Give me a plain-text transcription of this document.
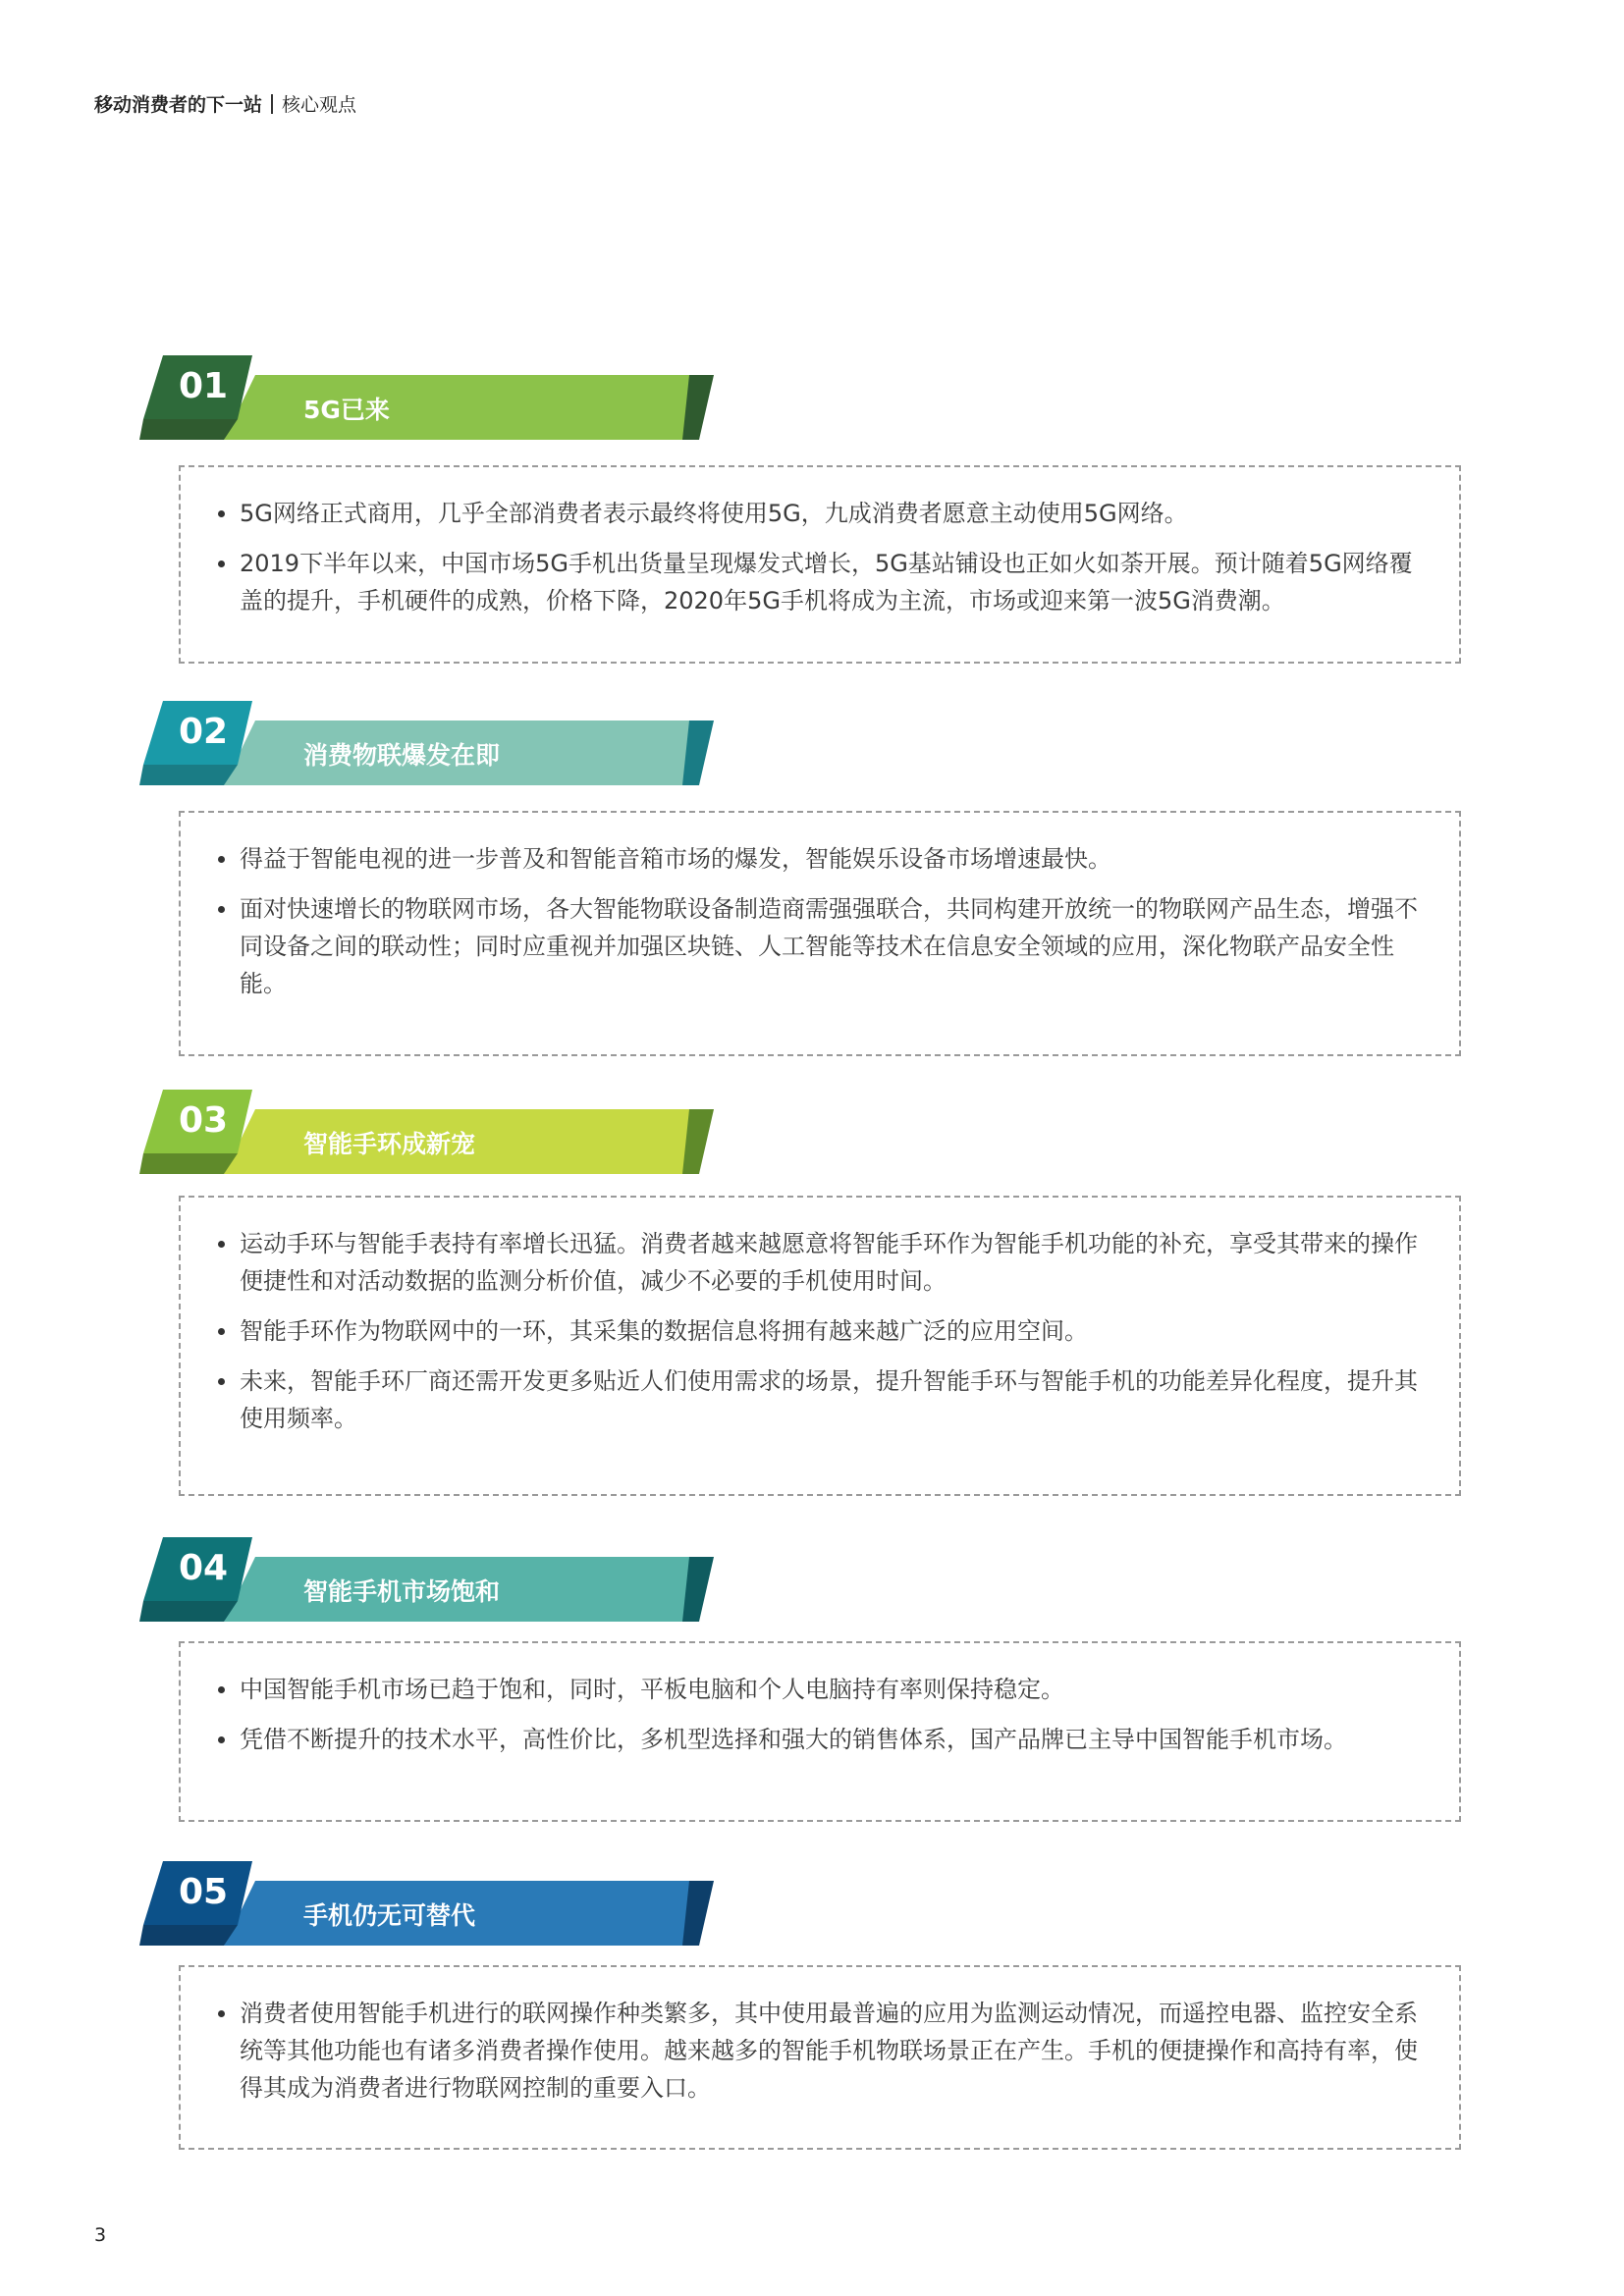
移动消费者的下一站 核心观点
01
5G已来
5G网络正式商用，几乎全部消费者表示最终将使用5G，九成消费者愿意主动使用5G网络。
2019下半年以来，中国市场5G手机出货量呈现爆发式增长，5G基站铺设也正如火如荼开展。预计随着5G网络覆盖的提升，手机硬件的成熟，价格下降，2020年5G手机将成为主流，市场或迎来第一波5G消费潮。
02
消费物联爆发在即
得益于智能电视的进一步普及和智能音箱市场的爆发，智能娱乐设备市场增速最快。
面对快速增长的物联网市场，各大智能物联设备制造商需强强联合，共同构建开放统一的物联网产品生态，增强不同设备之间的联动性；同时应重视并加强区块链、人工智能等技术在信息安全领域的应用，深化物联产品安全性能。
03
智能手环成新宠
运动手环与智能手表持有率增长迅猛。消费者越来越愿意将智能手环作为智能手机功能的补充，享受其带来的操作便捷性和对活动数据的监测分析价值，减少不必要的手机使用时间。
智能手环作为物联网中的一环，其采集的数据信息将拥有越来越广泛的应用空间。
未来，智能手环厂商还需开发更多贴近人们使用需求的场景，提升智能手环与智能手机的功能差异化程度，提升其使用频率。
04
智能手机市场饱和
中国智能手机市场已趋于饱和，同时，平板电脑和个人电脑持有率则保持稳定。
凭借不断提升的技术水平，高性价比，多机型选择和强大的销售体系，国产品牌已主导中国智能手机市场。
05
手机仍无可替代
消费者使用智能手机进行的联网操作种类繁多，其中使用最普遍的应用为监测运动情况，而遥控电器、监控安全系统等其他功能也有诸多消费者操作使用。越来越多的智能手机物联场景正在产生。手机的便捷操作和高持有率，使得其成为消费者进行物联网控制的重要入口。
3
